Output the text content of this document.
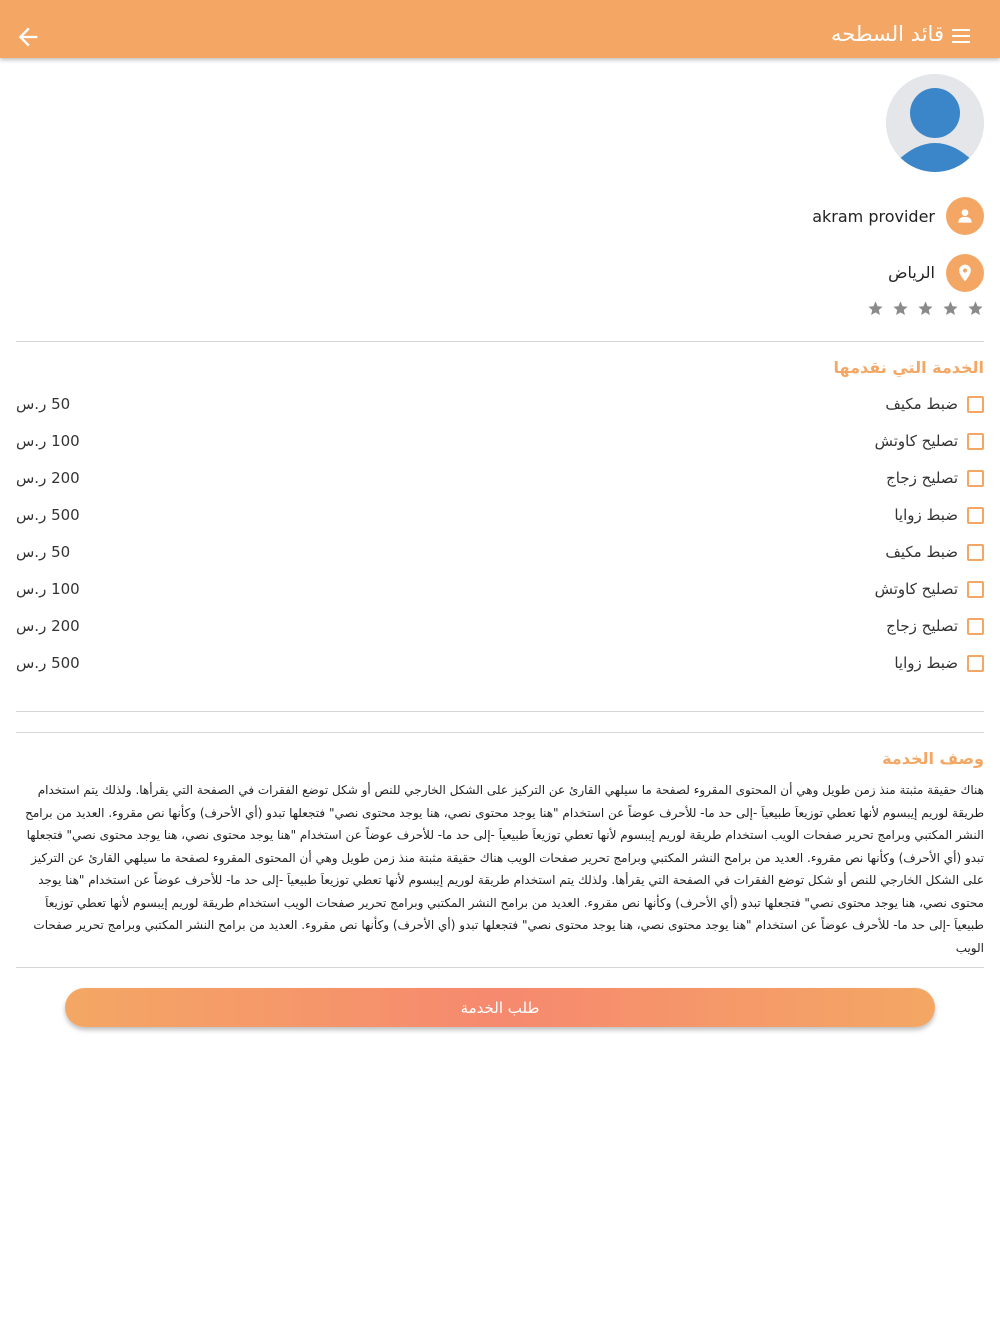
قائد السطحه
akram provider
الرياض
الخدمة التي نقدمها
ضبط مكيف
50 ر.س
تصليح كاوتش
100 ر.س
تصليح زجاج
200 ر.س
ضبط زوايا
500 ر.س
ضبط مكيف
50 ر.س
تصليح كاوتش
100 ر.س
تصليح زجاج
200 ر.س
ضبط زوايا
500 ر.س
وصف الخدمة
هناك حقيقة مثبتة منذ زمن طويل وهي أن المحتوى المقروء لصفحة ما سيلهي القارئ عن التركيز على الشكل الخارجي للنص أو شكل توضع الفقرات في الصفحة التي يقرأها. ولذلك يتم استخدام طريقة لوريم إيبسوم لأنها تعطي توزيعاَ طبيعياَ -إلى حد ما- للأحرف عوضاً عن استخدام "هنا يوجد محتوى نصي، هنا يوجد محتوى نصي" فتجعلها تبدو (أي الأحرف) وكأنها نص مقروء. العديد من برامح النشر المكتبي وبرامج تحرير صفحات الويب استخدام طريقة لوريم إيبسوم لأنها تعطي توزيعاَ طبيعياَ -إلى حد ما- للأحرف عوضاً عن استخدام "هنا يوجد محتوى نصي، هنا يوجد محتوى نصي" فتجعلها تبدو (أي الأحرف) وكأنها نص مقروء. العديد من برامح النشر المكتبي وبرامج تحرير صفحات الويب هناك حقيقة مثبتة منذ زمن طويل وهي أن المحتوى المقروء لصفحة ما سيلهي القارئ عن التركيز على الشكل الخارجي للنص أو شكل توضع الفقرات في الصفحة التي يقرأها. ولذلك يتم استخدام طريقة لوريم إيبسوم لأنها تعطي توزيعاَ طبيعياَ -إلى حد ما- للأحرف عوضاً عن استخدام "هنا يوجد محتوى نصي، هنا يوجد محتوى نصي" فتجعلها تبدو (أي الأحرف) وكأنها نص مقروء. العديد من برامح النشر المكتبي وبرامج تحرير صفحات الويب استخدام طريقة لوريم إيبسوم لأنها تعطي توزيعاَ طبيعياَ -إلى حد ما- للأحرف عوضاً عن استخدام "هنا يوجد محتوى نصي، هنا يوجد محتوى نصي" فتجعلها تبدو (أي الأحرف) وكأنها نص مقروء. العديد من برامح النشر المكتبي وبرامج تحرير صفحات الويب
طلب الخدمة
